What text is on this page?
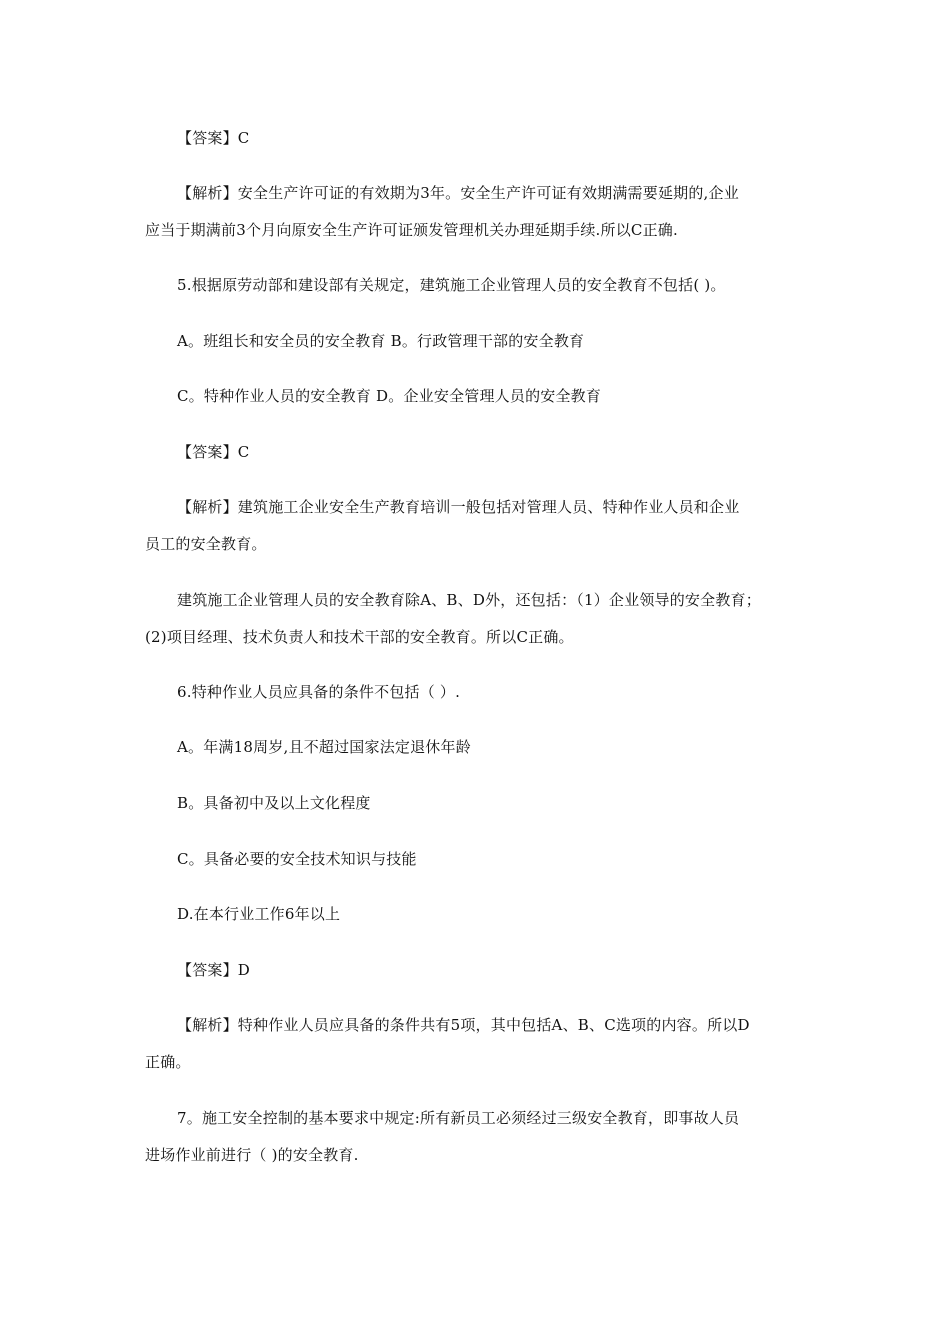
【答案】C
【解析】安全生产许可证的有效期为3年。安全生产许可证有效期满需要延期的,企业
应当于期满前3个月向原安全生产许可证颁发管理机关办理延期手续.所以C正确.
5.根据原劳动部和建设部有关规定，建筑施工企业管理人员的安全教育不包括( )。
A。班组长和安全员的安全教育 B。行政管理干部的安全教育
C。特种作业人员的安全教育 D。企业安全管理人员的安全教育
【答案】C
【解析】建筑施工企业安全生产教育培训一般包括对管理人员、特种作业人员和企业
员工的安全教育。
建筑施工企业管理人员的安全教育除A、B、D外，还包括：（1）企业领导的安全教育；
(2)项目经理、技术负责人和技术干部的安全教育。所以C正确。
6.特种作业人员应具备的条件不包括（ ）.
A。年满18周岁,且不超过国家法定退休年龄
B。具备初中及以上文化程度
C。具备必要的安全技术知识与技能
D.在本行业工作6年以上
【答案】D
【解析】特种作业人员应具备的条件共有5项，其中包括A、B、C选项的内容。所以D
正确。
7。施工安全控制的基本要求中规定:所有新员工必须经过三级安全教育，即事故人员
进场作业前进行（ )的安全教育.
